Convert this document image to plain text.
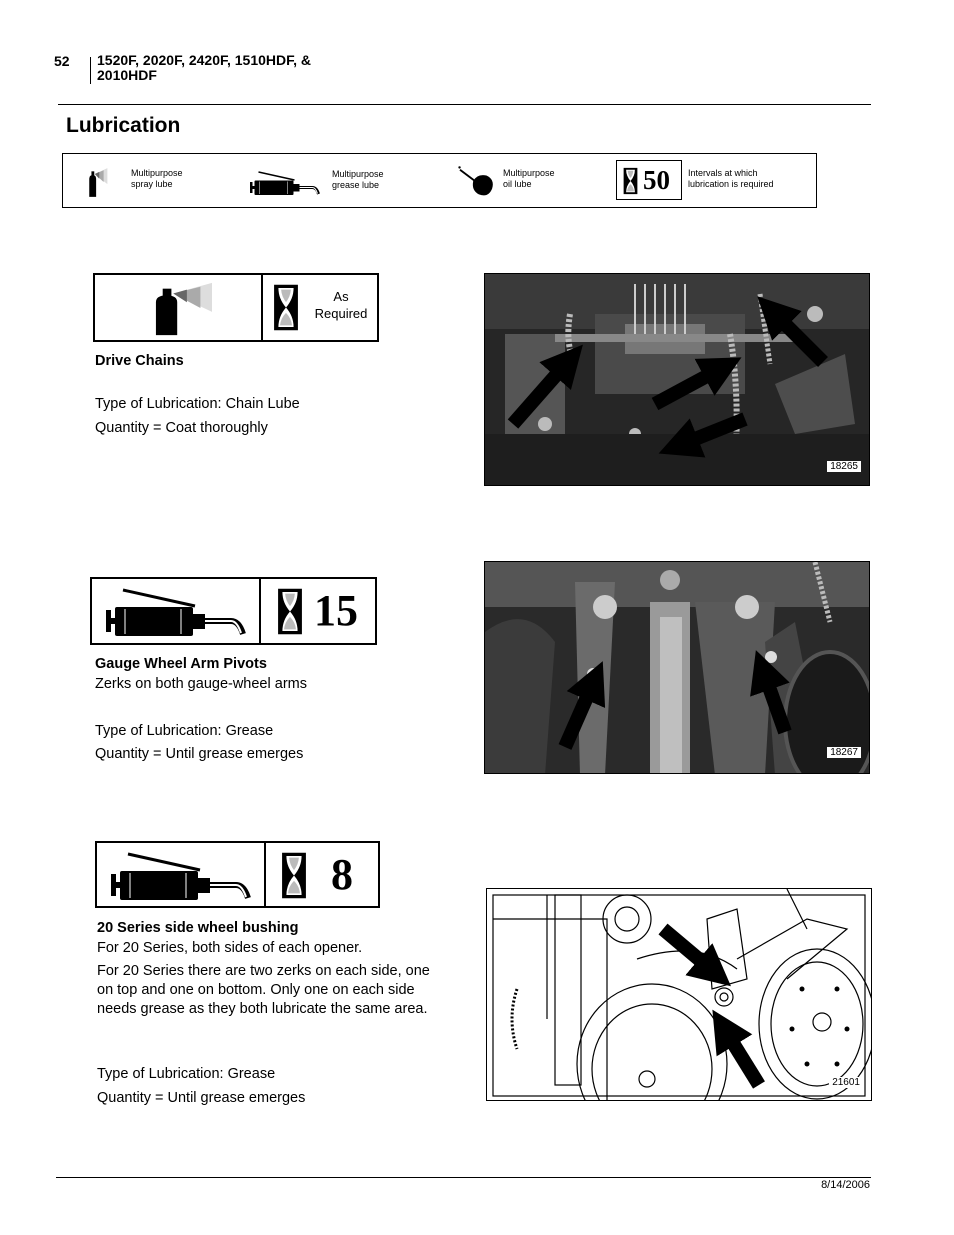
52 1520F, 2020F, 2420F, 1510HDF, &
2010HDF
Lubrication
Multipurpose
spray lube
Multipurpose
grease lube
Multipurpose
oil lube	50 Intervals at which
lubrication is required
As
Required
Drive Chains
Type of Lubrication: Chain Lube
Quantity = Coat thoroughly
18265
15
Gauge Wheel Arm Pivots
Zerks on both gauge-wheel arms
Type of Lubrication: Grease
Quantity = Until grease emerges	18267
8
20 Series side wheel bushing
For 20 Series, both sides of each opener.
For 20 Series there are two zerks on each side, one on top and one on bottom. Only one on each side needs grease as they both lubricate the same area.
Type of Lubrication: Grease
Quantity = Until grease emerges
21601
8/14/2006
